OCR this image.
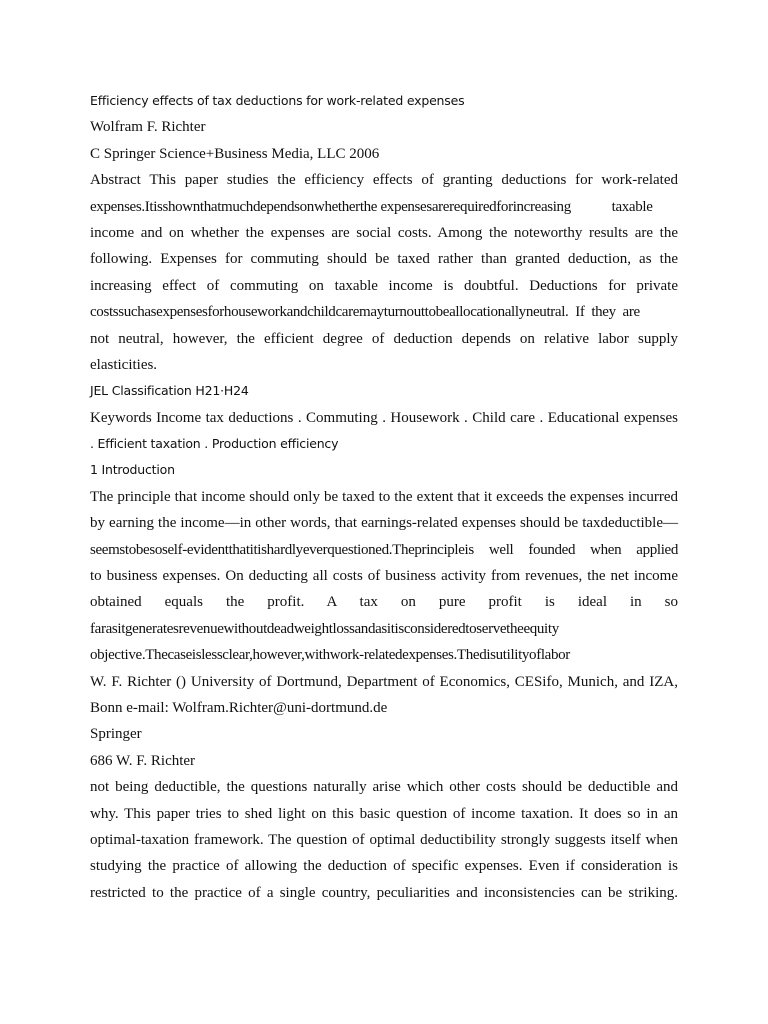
Efficiency effects of tax deductions for work-related expenses
Wolfram F. Richter
C Springer Science+Business Media, LLC 2006
Abstract This paper studies the efficiency effects of granting deductions for work-related
expenses.Itisshownthatmuchdependsonwhetherthe expensesarerequiredforincreasing            taxable
income and on whether the expenses are social costs. Among the noteworthy results are the
following. Expenses for commuting should be taxed rather than granted deduction, as the
increasing effect of commuting on taxable income is doubtful. Deductions for private
costssuchasexpensesforhouseworkandchildcaremayturnouttobeallocationallyneutral.  If  they  are
not neutral, however, the efficient degree of deduction depends on relative labor supply
elasticities.
JEL Classification H21·H24
Keywords Income tax deductions . Commuting . Housework . Child care . Educational expenses
. Efficient taxation . Production efficiency
1 Introduction
The principle that income should only be taxed to the extent that it exceeds the expenses incurred
by earning the income—in other words, that earnings-related expenses should be taxdeductible—
seemstobesoself-evidentthatitishardlyeverquestioned.Theprincipleis well founded when applied
to business expenses. On deducting all costs of business activity from revenues, the net income
obtained equals the profit. A tax on pure profit is ideal in so
farasitgeneratesrevenuewithoutdeadweightlossandasitisconsideredtoservetheequity
objective.Thecaseislessclear,however,withwork-relatedexpenses.Thedisutilityoflabor
W. F. Richter () University of Dortmund, Department of Economics, CESifo, Munich, and IZA,
Bonn e-mail: Wolfram.Richter@uni-dortmund.de
Springer
686 W. F. Richter
not being deductible, the questions naturally arise which other costs should be deductible and
why. This paper tries to shed light on this basic question of income taxation. It does so in an
optimal-taxation framework. The question of optimal deductibility strongly suggests itself when
studying the practice of allowing the deduction of specific expenses. Even if consideration is
restricted to the practice of a single country, peculiarities and inconsistencies can be striking.
